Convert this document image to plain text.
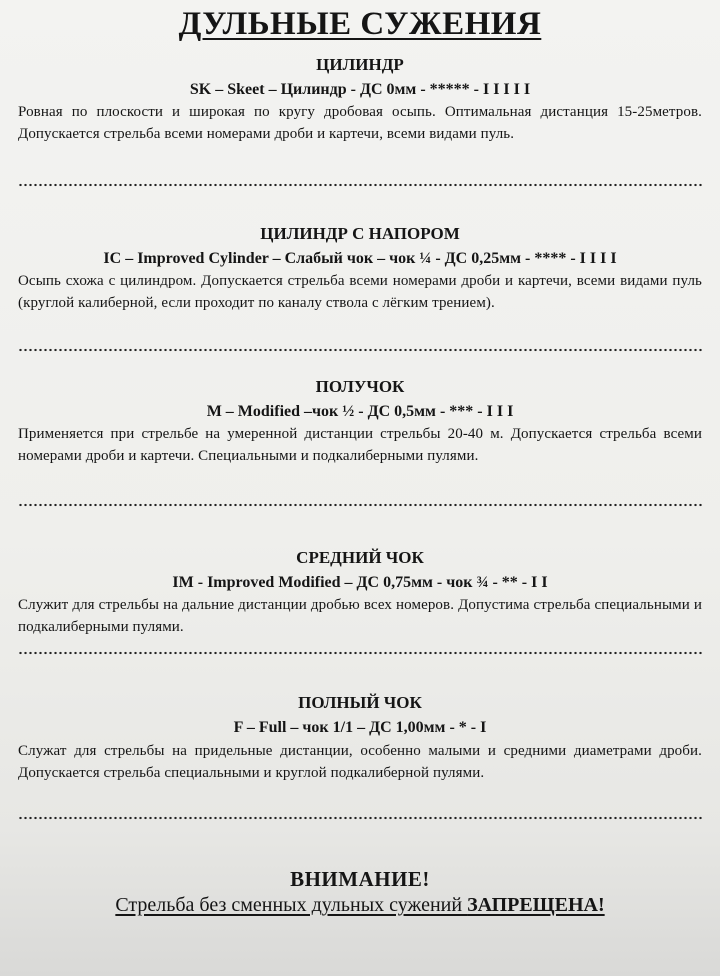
ДУЛЬНЫЕ СУЖЕНИЯ

ЦИЛИНДР

SK – Skeet – Цилиндр - ДС 0мм - ***** - I I I I I

Ровная по плоскости и широкая по кругу дробовая осыпь. Оптимальная дистанция 15-25метров. Допускается стрельба всеми номерами дроби и картечи, всеми видами пуль.

ЦИЛИНДР С НАПОРОМ

IC – Improved Cylinder – Слабый чок – чок ¼ - ДС 0,25мм - **** - I I I I

Осыпь схожа с цилиндром. Допускается стрельба всеми номерами дроби и картечи, всеми видами пуль (круглой калиберной, если проходит по каналу ствола с лёгким трением).

ПОЛУЧОК

M – Modified –чок ½ - ДС 0,5мм - *** - I I I

Применяется при стрельбе на умеренной дистанции стрельбы 20-40 м. Допускается стрельба всеми номерами дроби и картечи. Специальными и подкалиберными пулями.

СРЕДНИЙ ЧОК

IM - Improved Modified – ДС 0,75мм - чок ¾ - ** - I I

Служит для стрельбы на дальние дистанции дробью всех номеров. Допустима стрельба специальными и подкалиберными пулями.

ПОЛНЫЙ ЧОК

F – Full – чок 1/1 – ДС 1,00мм - * - I

Служат для стрельбы на придельные дистанции, особенно малыми и средними диаметрами дроби. Допускается стрельба специальными и круглой подкалиберной пулями.

ВНИМАНИЕ!

Стрельба без сменных дульных сужений ЗАПРЕЩЕНА!
